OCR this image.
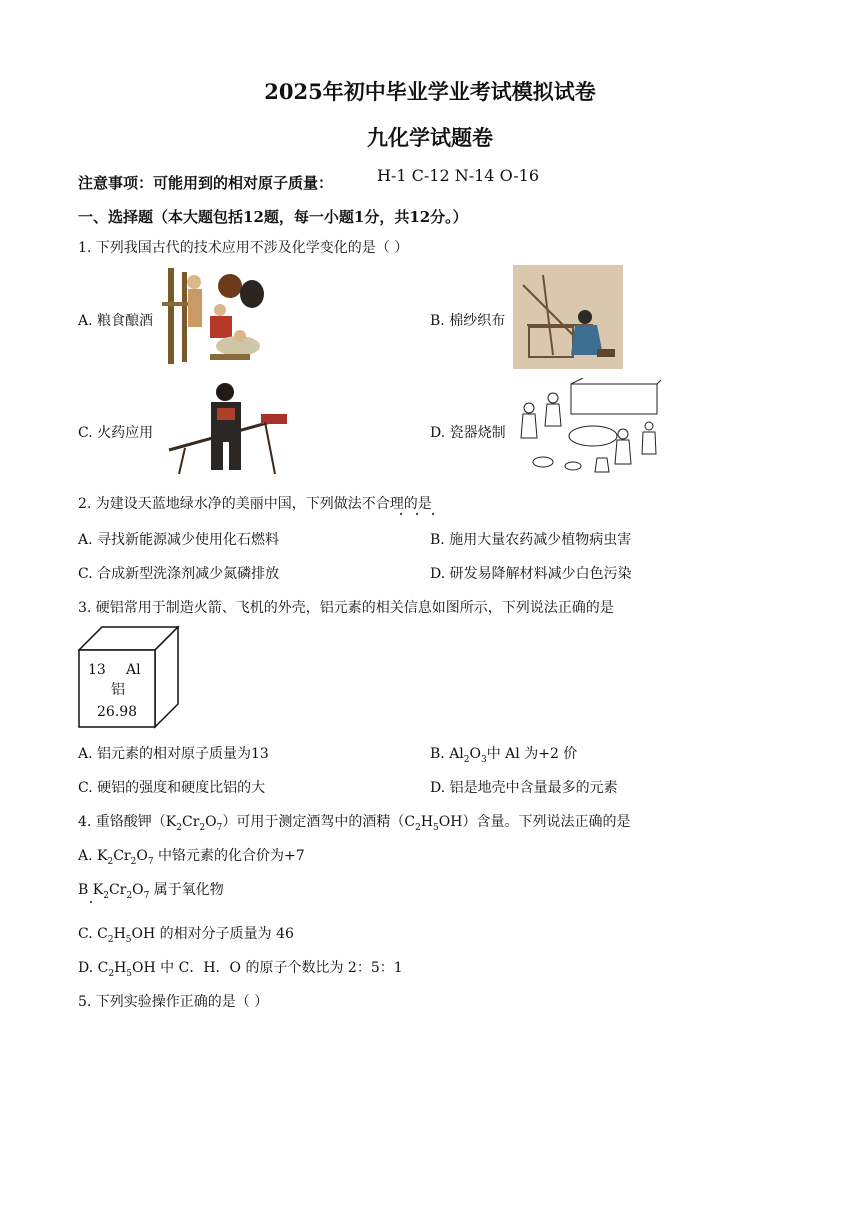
2025年初中毕业学业考试模拟试卷
九化学试题卷
注意事项：可能用到的相对原子质量：	H-1 C-12 N-14 O-16
一、选择题（本大题包括12题，每一小题1分，共12分。）
1. 下列我国古代的技术应用不涉及化学变化的是（ ）
A. 粮食酿酒	B. 棉纱织布
C. 火药应用	D. 瓷器烧制
2. 为建设天蓝地绿水净的美丽中国，下列做法不合理的是
A. 寻找新能源减少使用化石燃料	B. 施用大量农药减少植物病虫害
C. 合成新型洗涤剂减少氮磷排放	D. 研发易降解材料减少白色污染
3. 硬铝常用于制造火箭、飞机的外壳，铝元素的相关信息如图所示，下列说法正确的是
13 Al
铝
26.98
A. 铝元素的相对原子质量为13	B. $Al_2O_3$中 Al 为+2 价
C. 硬铝的强度和硬度比铝的大	D. 铝是地壳中含量最多的元素
4. 重铬酸钾$(K_2Cr_2O_7)$可用于测定酒驾中的酒精$(C_2H_5OH)$含量。下列说法正确的是
A. $K_2Cr_2O_7$ 中铬元素的化合价为+7
B $K_2Cr_2O_7$ 属于氧化物
C. $C_2H_5OH$ 的相对分子质量为 46
D. $C_2H_5OH$ 中 C．H．O 的原子个数比为 2：5：1
5. 下列实验操作正确的是（ ）
